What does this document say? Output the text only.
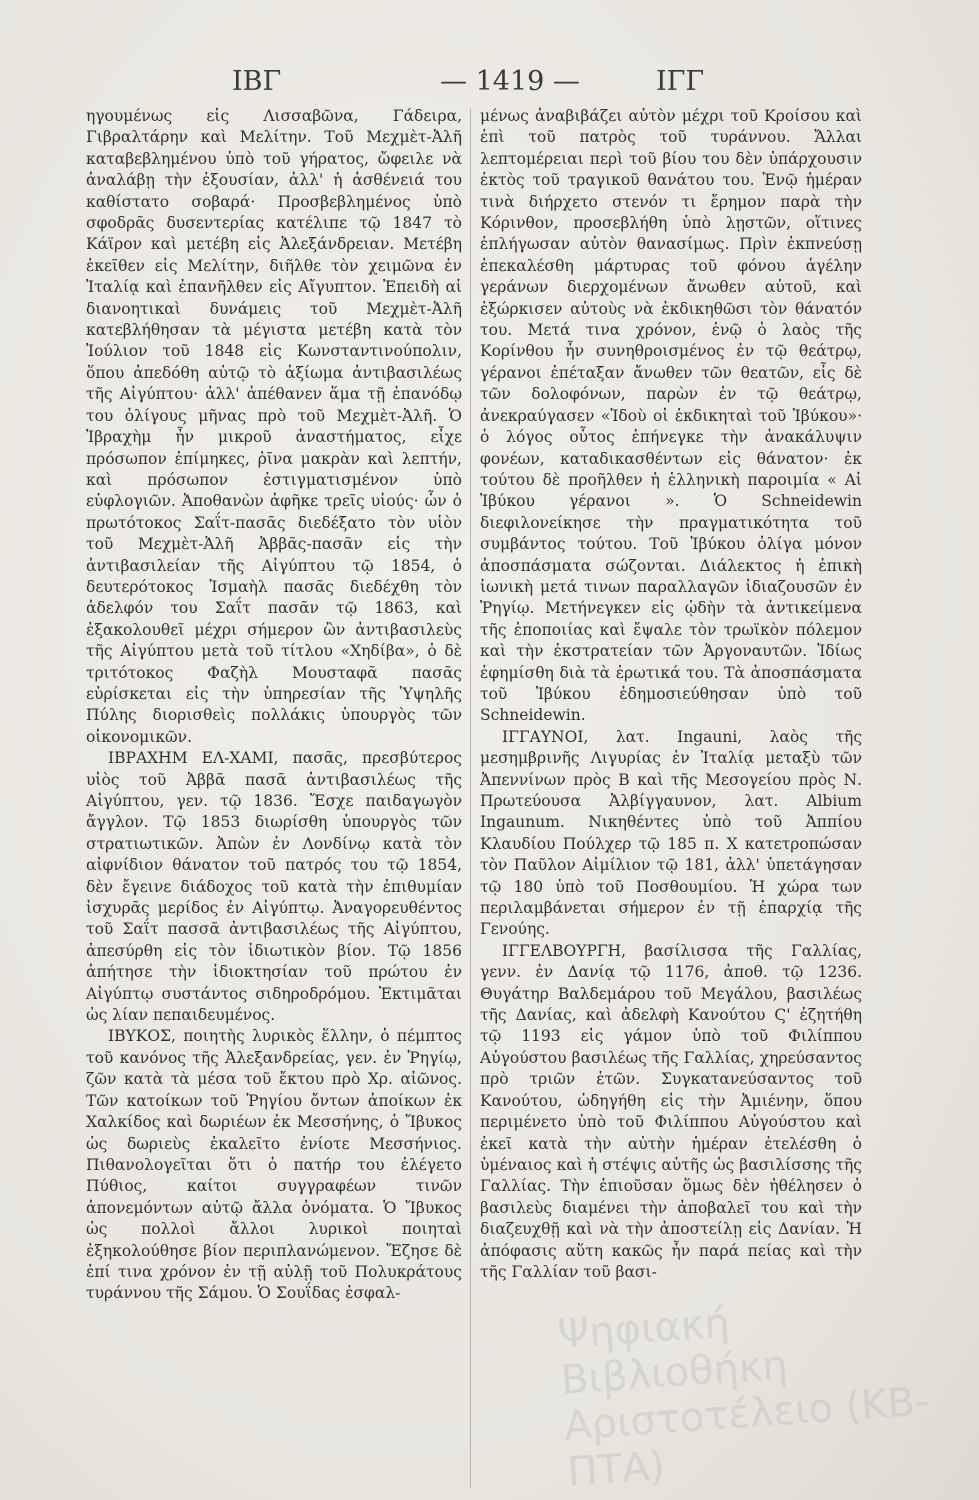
ΙΒΓ	— 1419 —	ΙΓΓ

ηγουμένως εἰς Λισσαβῶνα, Γάδειρα, Γιβραλτάρην καὶ Μελίτην. Τοῦ Μεχμὲτ-Ἀλῆ καταβεβλημένου ὑπὸ τοῦ γήρατος, ὤφειλε νὰ ἀναλάβῃ τὴν ἐξουσίαν, ἀλλ' ἡ ἀσθένειά του καθίστατο σοβαρά· Προσβεβλημένος ὑπὸ σφοδρᾶς δυσεντερίας κατέλιπε τῷ 1847 τὸ Κάϊρον καὶ μετέβη εἰς Ἀλεξάνδρειαν. Μετέβη ἐκεῖθεν εἰς Μελίτην, διῆλθε τὸν χειμῶνα ἐν Ἰταλίᾳ καὶ ἐπανῆλθεν εἰς Αἴγυπτον. Ἐπειδὴ αἱ διανοητικαὶ δυνάμεις τοῦ Μεχμὲτ-Ἀλῆ κατεβλήθησαν τὰ μέγιστα μετέβη κατὰ τὸν Ἰούλιον τοῦ 1848 εἰς Κωνσταντινούπολιν, ὅπου ἀπεδόθη αὐτῷ τὸ ἀξίωμα ἀντιβασιλέως τῆς Αἰγύπτου· ἀλλ' ἀπέθανεν ἅμα τῇ ἐπανόδῳ του ὀλίγους μῆνας πρὸ τοῦ Μεχμὲτ-Ἀλῆ. Ὁ Ἰβραχὴμ ἦν μικροῦ ἀναστήματος, εἶχε πρόσωπον ἐπίμηκες, ῥῖνα μακρὰν καὶ λεπτήν, καὶ πρόσωπον ἐστιγματισμένον ὑπὸ εὐφλογιῶν. Ἀποθανὼν ἀφῆκε τρεῖς υἱούς· ὧν ὁ πρωτότοκος Σαΐτ-πασᾶς διεδέξατο τὸν υἱὸν τοῦ Μεχμὲτ-Ἀλῆ Ἀββᾶς-πασᾶν εἰς τὴν ἀντιβασιλείαν τῆς Αἰγύπτου τῷ 1854, ὁ δευτερότοκος Ἰσμαὴλ πασᾶς διεδέχθη τὸν ἀδελφόν του Σαΐτ πασᾶν τῷ 1863, καὶ ἐξακολουθεῖ μέχρι σήμερον ὢν ἀντιβασιλεὺς τῆς Αἰγύπτου μετὰ τοῦ τίτλου «Χηδίβα», ὁ δὲ τριτότοκος Φαζὴλ Μουσταφᾶ πασᾶς εὑρίσκεται εἰς τὴν ὑπηρεσίαν τῆς Ὑψηλῆς Πύλης διορισθεὶς πολλάκις ὑπουργὸς τῶν οἰκονομικῶν.

ΙΒΡΑΧΗΜ ΕΛ-ΧΑΜΙ, πασᾶς, πρεσβύτερος υἱὸς τοῦ Ἀββᾶ πασᾶ ἀντιβασιλέως τῆς Αἰγύπτου, γεν. τῷ 1836. Ἔσχε παιδαγωγὸν ἄγγλον. Τῷ 1853 διωρίσθη ὑπουργὸς τῶν στρατιωτικῶν. Ἀπὼν ἐν Λονδίνῳ κατὰ τὸν αἰφνίδιον θάνατον τοῦ πατρός του τῷ 1854, δὲν ἔγεινε διάδοχος τοῦ κατὰ τὴν ἐπιθυμίαν ἰσχυρᾶς μερίδος ἐν Αἰγύπτῳ. Ἀναγορευθέντος τοῦ Σαΐτ πασσᾶ ἀντιβασιλέως τῆς Αἰγύπτου, ἀπεσύρθη εἰς τὸν ἰδιωτικὸν βίον. Τῷ 1856 ἀπήτησε τὴν ἰδιοκτησίαν τοῦ πρώτου ἐν Αἰγύπτῳ συστάντος σιδηροδρόμου. Ἐκτιμᾶται ὡς λίαν πεπαιδευμένος.

ΙΒΥΚΟΣ, ποιητὴς λυρικὸς ἕλλην, ὁ πέμπτος τοῦ κανόνος τῆς Ἀλεξανδρείας, γεν. ἐν Ῥηγίῳ, ζῶν κατὰ τὰ μέσα τοῦ ἔκτου πρὸ Χρ. αἰῶνος. Τῶν κατοίκων τοῦ Ῥηγίου ὄντων ἀποίκων ἐκ Χαλκίδος καὶ δωριέων ἐκ Μεσσήνης, ὁ Ἴβυκος ὡς δωριεὺς ἐκαλεῖτο ἐνίοτε Μεσσήνιος. Πιθανολογεῖται ὅτι ὁ πατήρ του ἐλέγετο Πύθιος, καίτοι συγγραφέων τινῶν ἀπονεμόντων αὐτῷ ἄλλα ὀνόματα. Ὁ Ἴβυκος ὡς πολλοὶ ἄλλοι λυρικοὶ ποιηταὶ ἐξηκολούθησε βίον περιπλανώμενον. Ἔζησε δὲ ἐπί τινα χρόνον ἐν τῇ αὐλῇ τοῦ Πολυκράτους τυράννου τῆς Σάμου. Ὁ Σουΐδας ἐσφαλ-

μένως ἀναβιβάζει αὐτὸν μέχρι τοῦ Κροίσου καὶ ἐπὶ τοῦ πατρὸς τοῦ τυράννου. Ἄλλαι λεπτομέρειαι περὶ τοῦ βίου του δὲν ὑπάρχουσιν ἐκτὸς τοῦ τραγικοῦ θανάτου του. Ἐνῷ ἡμέραν τινὰ διήρχετο στενόν τι ἔρημον παρὰ τὴν Κόρινθον, προσεβλήθη ὑπὸ λῃστῶν, οἵτινες ἐπλήγωσαν αὐτὸν θανασίμως. Πρὶν ἐκπνεύσῃ ἐπεκαλέσθη μάρτυρας τοῦ φόνου ἀγέλην γεράνων διερχομένων ἄνωθεν αὐτοῦ, καὶ ἐξώρκισεν αὐτοὺς νὰ ἐκδικηθῶσι τὸν θάνατόν του. Μετά τινα χρόνον, ἐνῷ ὁ λαὸς τῆς Κορίνθου ἦν συνηθροισμένος ἐν τῷ θεάτρῳ, γέρανοι ἐπέταξαν ἄνωθεν τῶν θεατῶν, εἷς δὲ τῶν δολοφόνων, παρὼν ἐν τῷ θεάτρῳ, ἀνεκραύγασεν «Ἰδοὺ οἱ ἐκδικηταὶ τοῦ Ἰβύκου»· ὁ λόγος οὗτος ἐπήνεγκε τὴν ἀνακάλυψιν φονέων, καταδικασθέντων εἰς θάνατον· ἐκ τούτου δὲ προῆλθεν ἡ ἑλληνικὴ παροιμία « Αἱ Ἰβύκου γέρανοι ». Ὁ Schneidewin διεφιλονείκησε τὴν πραγματικότητα τοῦ συμβάντος τούτου. Τοῦ Ἰβύκου ὀλίγα μόνον ἀποσπάσματα σώζονται. Διάλεκτος ἡ ἐπικὴ ἰωνικὴ μετά τινων παραλλαγῶν ἰδιαζουσῶν ἐν Ῥηγίῳ. Μετήνεγκεν εἰς ᾠδὴν τὰ ἀντικείμενα τῆς ἐποποιίας καὶ ἔψαλε τὸν τρωϊκὸν πόλεμον καὶ τὴν ἐκστρατείαν τῶν Ἀργοναυτῶν. Ἰδίως ἐφημίσθη διὰ τὰ ἐρωτικά του. Τὰ ἀποσπάσματα τοῦ Ἰβύκου ἐδημοσιεύθησαν ὑπὸ τοῦ Schneidewin.

ΙΓΓΑΥΝΟΙ, λατ. Ingauni, λαὸς τῆς μεσημβρινῆς Λιγυρίας ἐν Ἰταλίᾳ μεταξὺ τῶν Ἀπεννίνων πρὸς Β καὶ τῆς Μεσογείου πρὸς Ν. Πρωτεύουσα Ἀλβίγγαυνον, λατ. Albium Ingaunum. Νικηθέντες ὑπὸ τοῦ Ἀππίου Κλαυδίου Πούλχερ τῷ 185 π. Χ κατετροπώσαν τὸν Παῦλον Αἰμίλιον τῷ 181, ἀλλ' ὑπετάγησαν τῷ 180 ὑπὸ τοῦ Ποσθουμίου. Ἡ χώρα των περιλαμβάνεται σήμερον ἐν τῇ ἐπαρχίᾳ τῆς Γενούης.

ΙΓΓΕΛΒΟΥΡΓΗ, βασίλισσα τῆς Γαλλίας, γενν. ἐν Δανίᾳ τῷ 1176, ἀποθ. τῷ 1236. Θυγάτηρ Βαλδεμάρου τοῦ Μεγάλου, βασιλέως τῆς Δανίας, καὶ ἀδελφὴ Κανούτου Ϛ' ἐζητήθη τῷ 1193 εἰς γάμον ὑπὸ τοῦ Φιλίππου Αὐγούστου βασιλέως τῆς Γαλλίας, χηρεύσαντος πρὸ τριῶν ἐτῶν. Συγκατανεύσαντος τοῦ Κανούτου, ὡδηγήθη εἰς τὴν Ἀμιένην, ὅπου περιμένετο ὑπὸ τοῦ Φιλίππου Αὐγούστου καὶ ἐκεῖ κατὰ τὴν αὐτὴν ἡμέραν ἐτελέσθη ὁ ὑμέναιος καὶ ἡ στέψις αὐτῆς ὡς βασιλίσσης τῆς Γαλλίας. Τὴν ἐπιοῦσαν ὅμως δὲν ἠθέλησεν ὁ βασιλεὺς διαμένει τὴν ἀποβαλεῖ του καὶ τὴν διαζευχθῇ καὶ νὰ τὴν ἀποστείλῃ εἰς Δανίαν. Ἡ ἀπόφασις αὕτη κακῶς ἦν παρά πείας καὶ τὴν τῆς Γαλλίαν τοῦ βασι-

Ψηφιακή Βιβλιοθήκη Αριστοτέλειο (ΚΒ-ΠΤΑ)
